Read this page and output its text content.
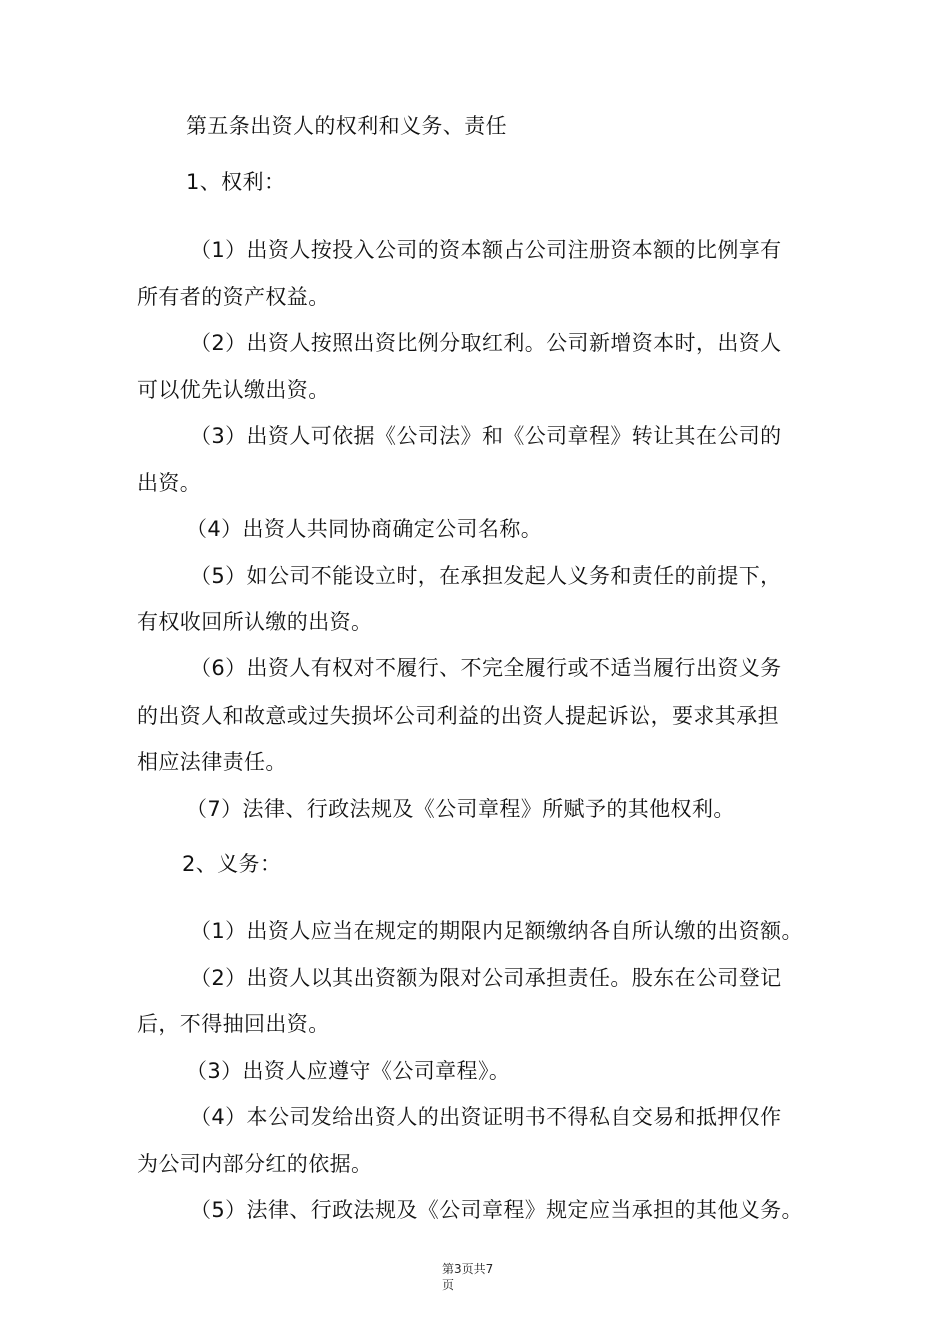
第五条出资人的权利和义务、责任
1、权利：
（1）出资人按投入公司的资本额占公司注册资本额的比例享有
所有者的资产权益。
（2）出资人按照出资比例分取红利。公司新增资本时，出资人
可以优先认缴出资。
（3）出资人可依据《公司法》和《公司章程》转让其在公司的
出资。
（4）出资人共同协商确定公司名称。
（5）如公司不能设立时，在承担发起人义务和责任的前提下，
有权收回所认缴的出资。
（6）出资人有权对不履行、不完全履行或不适当履行出资义务
的出资人和故意或过失损坏公司利益的出资人提起诉讼，要求其承担
相应法律责任。
（7）法律、行政法规及《公司章程》所赋予的其他权利。
2、义务：
（1）出资人应当在规定的期限内足额缴纳各自所认缴的出资额。
（2）出资人以其出资额为限对公司承担责任。股东在公司登记
后，不得抽回出资。
（3）出资人应遵守《公司章程》。
（4）本公司发给出资人的出资证明书不得私自交易和抵押仅作
为公司内部分红的依据。
（5）法律、行政法规及《公司章程》规定应当承担的其他义务。
第3页共7
页
